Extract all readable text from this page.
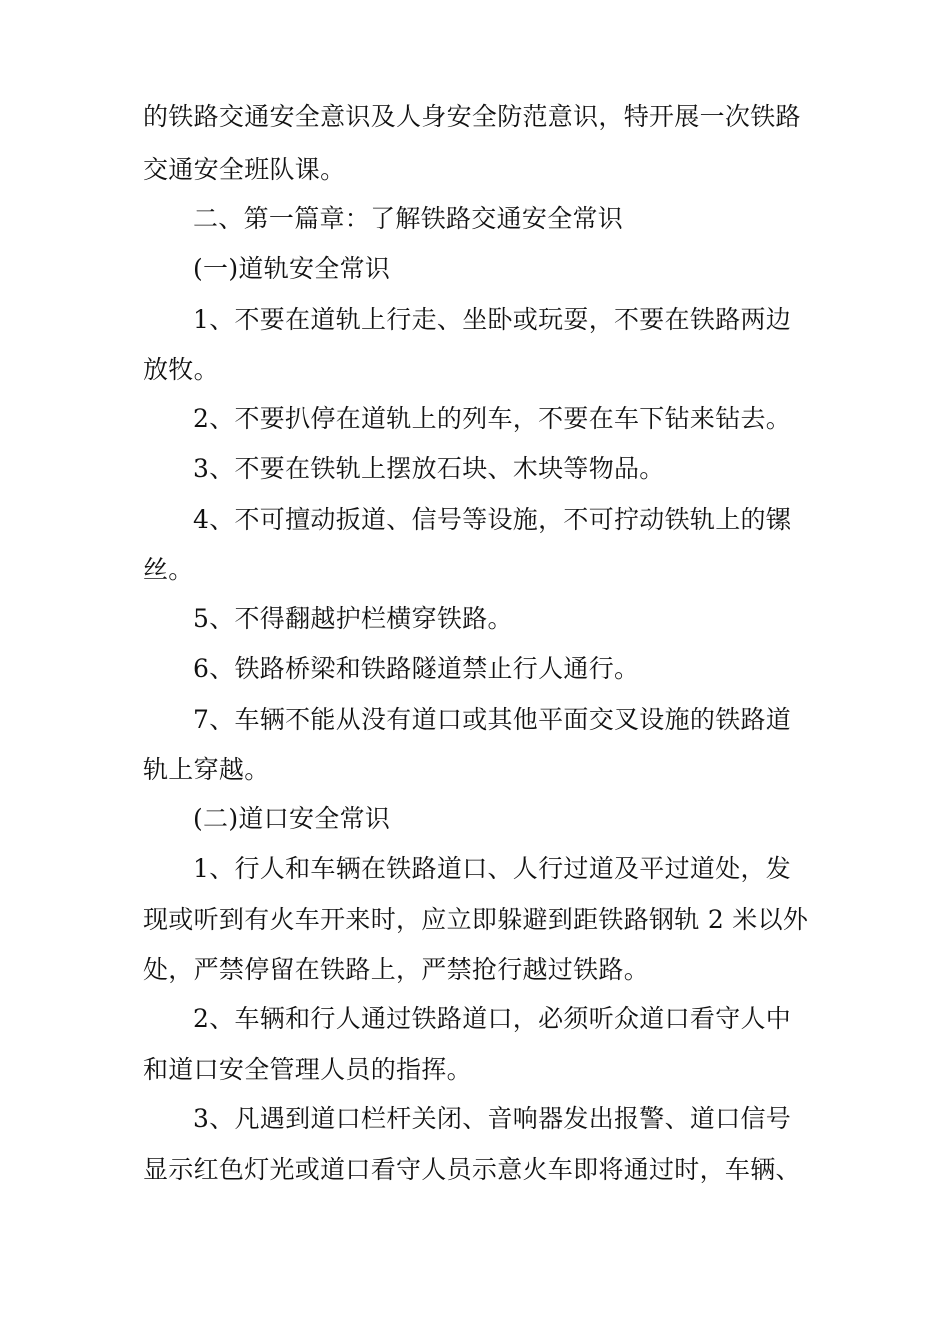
的铁路交通安全意识及人身安全防范意识，特开展一次铁路
交通安全班队课。
二、第一篇章：了解铁路交通安全常识
(一)道轨安全常识
1、不要在道轨上行走、坐卧或玩耍，不要在铁路两边
放牧。
2、不要扒停在道轨上的列车，不要在车下钻来钻去。
3、不要在铁轨上摆放石块、木块等物品。
4、不可擅动扳道、信号等设施，不可拧动铁轨上的镙
丝。
5、不得翻越护栏横穿铁路。
6、铁路桥梁和铁路隧道禁止行人通行。
7、车辆不能从没有道口或其他平面交叉设施的铁路道
轨上穿越。
(二)道口安全常识
1、行人和车辆在铁路道口、人行过道及平过道处，发
现或听到有火车开来时，应立即躲避到距铁路钢轨 2 米以外
处，严禁停留在铁路上，严禁抢行越过铁路。
2、车辆和行人通过铁路道口，必须听众道口看守人中
和道口安全管理人员的指挥。
3、凡遇到道口栏杆关闭、音响器发出报警、道口信号
显示红色灯光或道口看守人员示意火车即将通过时，车辆、
